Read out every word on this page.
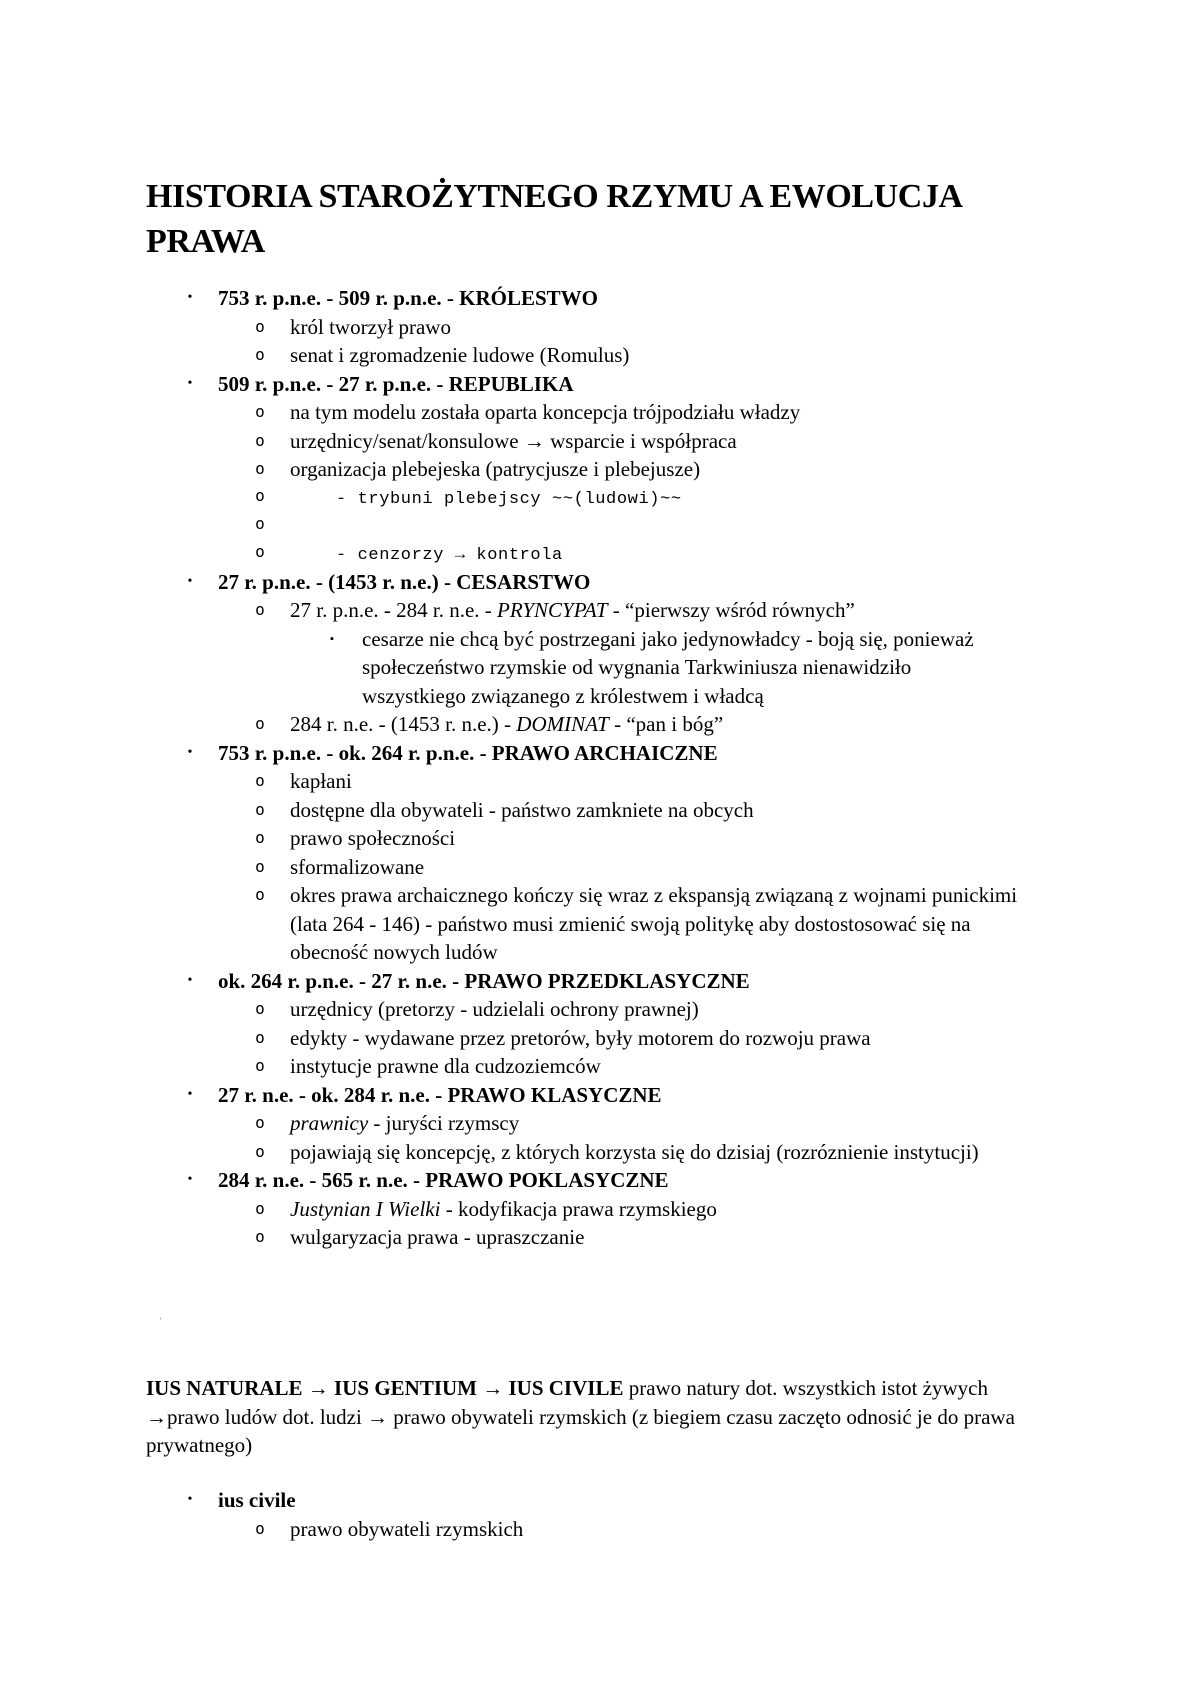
HISTORIA STAROŻYTNEGO RZYMU A EWOLUCJA PRAWA
•	753 r. p.n.e. - 509 r. p.n.e. - KRÓLESTWO
o król tworzył prawo
o senat i zgromadzenie ludowe (Romulus)
•	509 r. p.n.e. - 27 r. p.n.e. - REPUBLIKA
o na tym modelu została oparta koncepcja trójpodziału władzy
o urzędnicy/senat/konsulowe → wsparcie i współpraca
o organizacja plebejeska (patrycjusze i plebejusze)
o	- trybuni plebejscy ~~(ludowi)~~
o
o	- cenzorzy → kontrola
•	27 r. p.n.e. - (1453 r. n.e.) - CESARSTWO
o 27 r. p.n.e. - 284 r. n.e. - PRYNCYPAT - “pierwszy wśród równych”
▪	cesarze nie chcą być postrzegani jako jedynowładcy - boją się, ponieważ społeczeństwo rzymskie od wygnania Tarkwiniusza nienawidziło wszystkiego związanego z królestwem i władcą
o 284 r. n.e. - (1453 r. n.e.) - DOMINAT - “pan i bóg”
•	753 r. p.n.e. - ok. 264 r. p.n.e. - PRAWO ARCHAICZNE
o kapłani
o dostępne dla obywateli - państwo zamkniete na obcych
o prawo społeczności
o sformalizowane
o	okres prawa archaicznego kończy się wraz z ekspansją związaną z wojnami punickimi (lata 264 - 146) - państwo musi zmienić swoją politykę aby dostostosować się na obecność nowych ludów
•	ok. 264 r. p.n.e. - 27 r. n.e. - PRAWO PRZEDKLASYCZNE
o urzędnicy (pretorzy - udzielali ochrony prawnej)
o edykty - wydawane przez pretorów, były motorem do rozwoju prawa
o instytucje prawne dla cudzoziemców
•	27 r. n.e. - ok. 284 r. n.e. - PRAWO KLASYCZNE
o prawnicy - juryści rzymscy
o	pojawiają się koncepcję, z których korzysta się do dzisiaj (rozróznienie instytucji)
•	284 r. n.e. - 565 r. n.e. - PRAWO POKLASYCZNE
o Justynian I Wielki - kodyfikacja prawa rzymskiego
o wulgaryzacja prawa - upraszczanie
'
IUS NATURALE → IUS GENTIUM → IUS CIVILE prawo natury dot. wszystkich istot żywych →prawo ludów dot. ludzi → prawo obywateli rzymskich (z biegiem czasu zaczęto odnosić je do prawa prywatnego)
•	ius civile
o prawo obywateli rzymskich
